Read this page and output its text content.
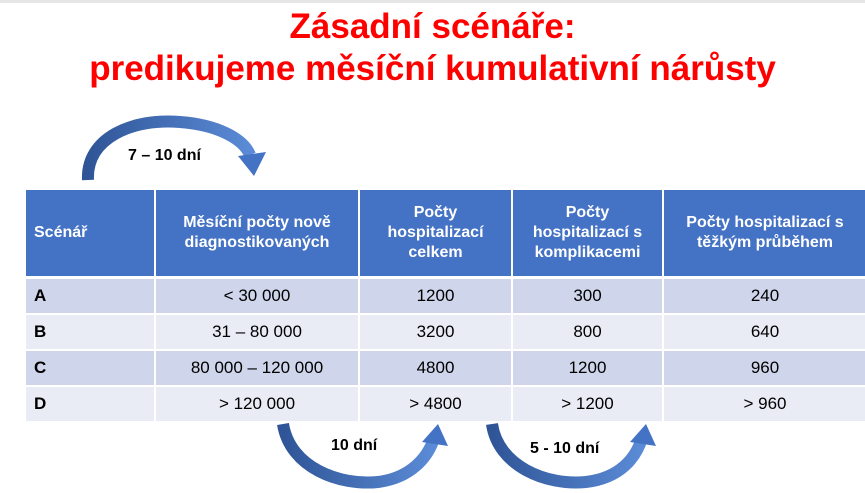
Zásadní scénáře:
predikujeme měsíční kumulativní nárůsty
7 – 10 dní
10 dní	5 - 10 dní
Scénář	Měsíční počty nově diagnostikovaných	Počty hospitalizací celkem	Počty hospitalizací s komplikacemi	Počty hospitalizací s těžkým průběhem
A	< 30 000	1200	300	240
B	31 – 80 000	3200	800	640
C	80 000 – 120 000	4800	1200	960
D	> 120 000	> 4800	> 1200	> 960
